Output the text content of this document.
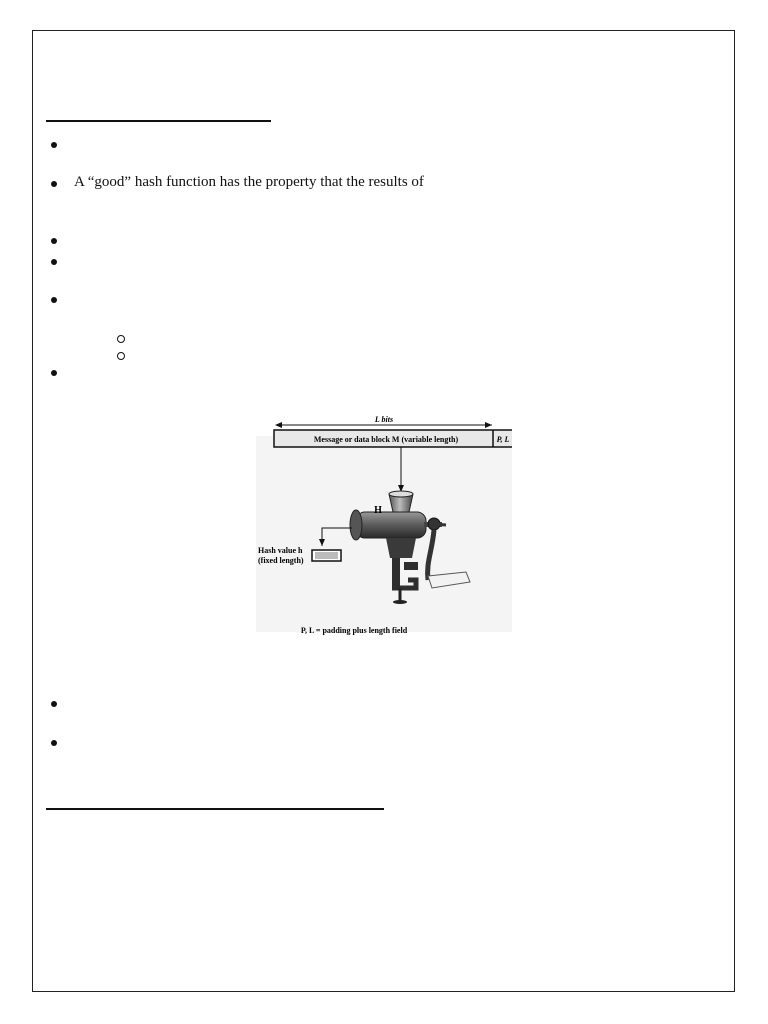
A “good” hash function has the property that the results of
L bits
Message or data block M (variable length)	P, L
H
Hash value h
(fixed length)
P, L = padding plus length field
